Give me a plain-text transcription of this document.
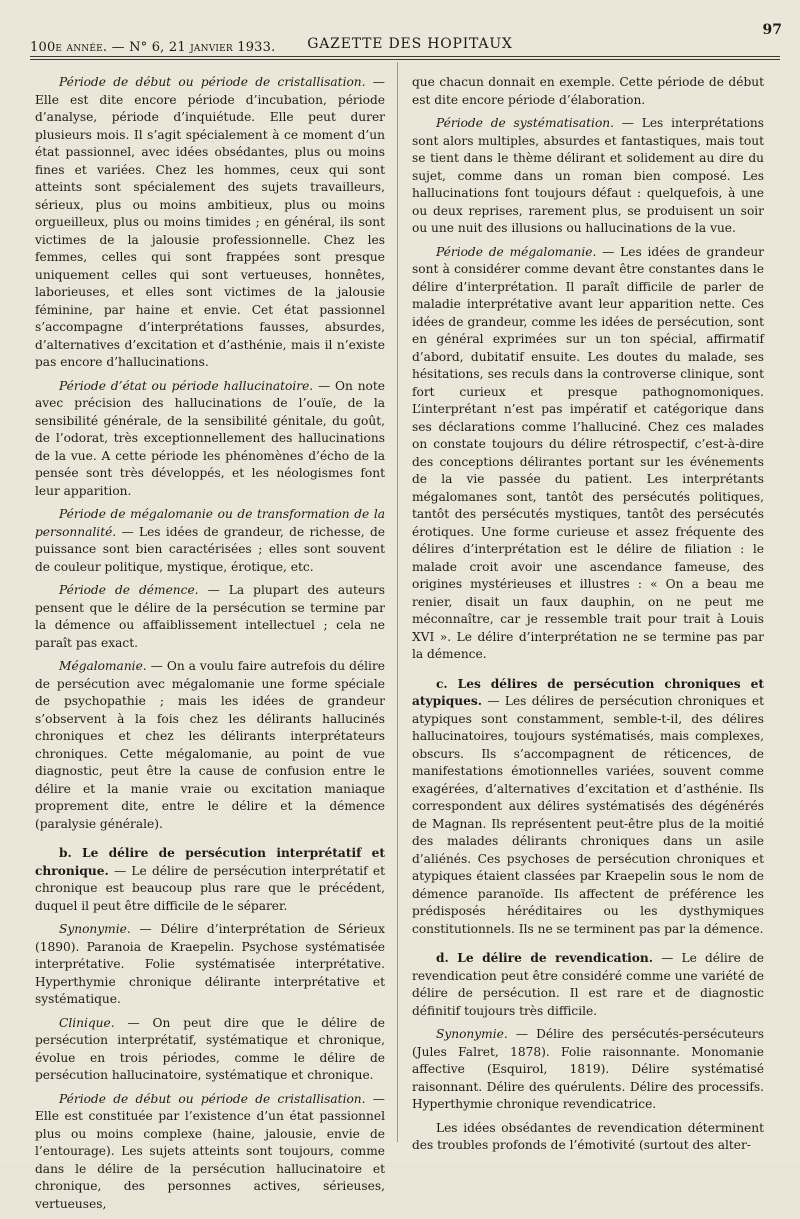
100e année. — N° 6, 21 janvier 1933.	GAZETTE DES HOPITAUX
97

Période de début ou période de cristallisation. — Elle est dite encore période d’incubation, période d’analyse, période d’inquiétude. Elle peut durer plusieurs mois. Il s’agit spécialement à ce moment d’un état passionnel, avec idées obsédantes, plus ou moins fines et variées. Chez les hommes, ceux qui sont atteints sont spécialement des sujets travailleurs, sérieux, plus ou moins ambitieux, plus ou moins orgueilleux, plus ou moins timides ; en général, ils sont victimes de la jalousie professionnelle. Chez les femmes, celles qui sont frappées sont presque uniquement celles qui sont vertueuses, honnêtes, laborieuses, et elles sont victimes de la jalousie féminine, par haine et envie. Cet état passionnel s’accompagne d’interprétations fausses, absurdes, d’alternatives d’excitation et d’asthénie, mais il n’existe pas encore d’hallucinations.

Période d’état ou période hallucinatoire. — On note avec précision des hallucinations de l’ouïe, de la sensibilité générale, de la sensibilité génitale, du goût, de l’odorat, très exceptionnellement des hallucinations de la vue. A cette période les phénomènes d’écho de la pensée sont très développés, et les néologismes font leur apparition.

Période de mégalomanie ou de transformation de la personnalité. — Les idées de grandeur, de richesse, de puissance sont bien caractérisées ; elles sont souvent de couleur politique, mystique, érotique, etc.

Période de démence. — La plupart des auteurs pensent que le délire de la persécution se termine par la démence ou affaiblissement intellectuel ; cela ne paraît pas exact.

Mégalomanie. — On a voulu faire autrefois du délire de persécution avec mégalomanie une forme spéciale de psychopathie ; mais les idées de grandeur s’observent à la fois chez les délirants hallucinés chroniques et chez les délirants interprétateurs chroniques. Cette mégalomanie, au point de vue diagnostic, peut être la cause de confusion entre le délire et la manie vraie ou excitation maniaque proprement dite, entre le délire et la démence (paralysie générale).

b. Le délire de persécution interprétatif et chronique. — Le délire de persécution interprétatif et chronique est beaucoup plus rare que le précédent, duquel il peut être difficile de le séparer.

Synonymie. — Délire d’interprétation de Sérieux (1890). Paranoia de Kraepelin. Psychose systématisée interprétative. Folie systématisée interprétative. Hyperthymie chronique délirante interprétative et systématique.

Clinique. — On peut dire que le délire de persécution interprétatif, systématique et chronique, évolue en trois périodes, comme le délire de persécution hallucinatoire, systématique et chronique.

Période de début ou période de cristallisation. — Elle est constituée par l’existence d’un état passionnel plus ou moins complexe (haine, jalousie, envie de l’entourage). Les sujets atteints sont toujours, comme dans le délire de la persécution hallucinatoire et chronique, des personnes actives, sérieuses, vertueuses,

que chacun donnait en exemple. Cette période de début est dite encore période d’élaboration.

Période de systématisation. — Les interprétations sont alors multiples, absurdes et fantastiques, mais tout se tient dans le thème délirant et solidement au dire du sujet, comme dans un roman bien composé. Les hallucinations font toujours défaut : quelquefois, à une ou deux reprises, rarement plus, se produisent un soir ou une nuit des illusions ou hallucinations de la vue.

Période de mégalomanie. — Les idées de grandeur sont à considérer comme devant être constantes dans le délire d’interprétation. Il paraît difficile de parler de maladie interprétative avant leur apparition nette. Ces idées de grandeur, comme les idées de persécution, sont en général exprimées sur un ton spécial, affirmatif d’abord, dubitatif ensuite. Les doutes du malade, ses hésitations, ses reculs dans la controverse clinique, sont fort curieux et presque pathognomoniques. L’interprétant n’est pas impératif et catégorique dans ses déclarations comme l’halluciné. Chez ces malades on constate toujours du délire rétrospectif, c’est-à-dire des conceptions délirantes portant sur les événements de la vie passée du patient. Les interprétants mégalomanes sont, tantôt des persécutés politiques, tantôt des persécutés mystiques, tantôt des persécutés érotiques. Une forme curieuse et assez fréquente des délires d’interprétation est le délire de filiation : le malade croit avoir une ascendance fameuse, des origines mystérieuses et illustres : « On a beau me renier, disait un faux dauphin, on ne peut me méconnaître, car je ressemble trait pour trait à Louis XVI ». Le délire d’interprétation ne se termine pas par la démence.

c. Les délires de persécution chroniques et atypiques. — Les délires de persécution chroniques et atypiques sont constamment, semble-t-il, des délires hallucinatoires, toujours systématisés, mais complexes, obscurs. Ils s’accompagnent de réticences, de manifestations émotionnelles variées, souvent comme exagérées, d’alternatives d’excitation et d’asthénie. Ils correspondent aux délires systématisés des dégénérés de Magnan. Ils représentent peut-être plus de la moitié des malades délirants chroniques dans un asile d’aliénés. Ces psychoses de persécution chroniques et atypiques étaient classées par Kraepelin sous le nom de démence paranoïde. Ils affectent de préférence les prédisposés héréditaires ou les dysthymiques constitutionnels. Ils ne se terminent pas par la démence.

d. Le délire de revendication. — Le délire de revendication peut être considéré comme une variété de délire de persécution. Il est rare et de diagnostic définitif toujours très difficile.

Synonymie. — Délire des persécutés-persécuteurs (Jules Falret, 1878). Folie raisonnante. Monomanie affective (Esquirol, 1819). Délire systématisé raisonnant. Délire des quérulents. Délire des processifs. Hyperthymie chronique revendicatrice.

Les idées obsédantes de revendication déterminent des troubles profonds de l’émotivité (surtout des alter-
